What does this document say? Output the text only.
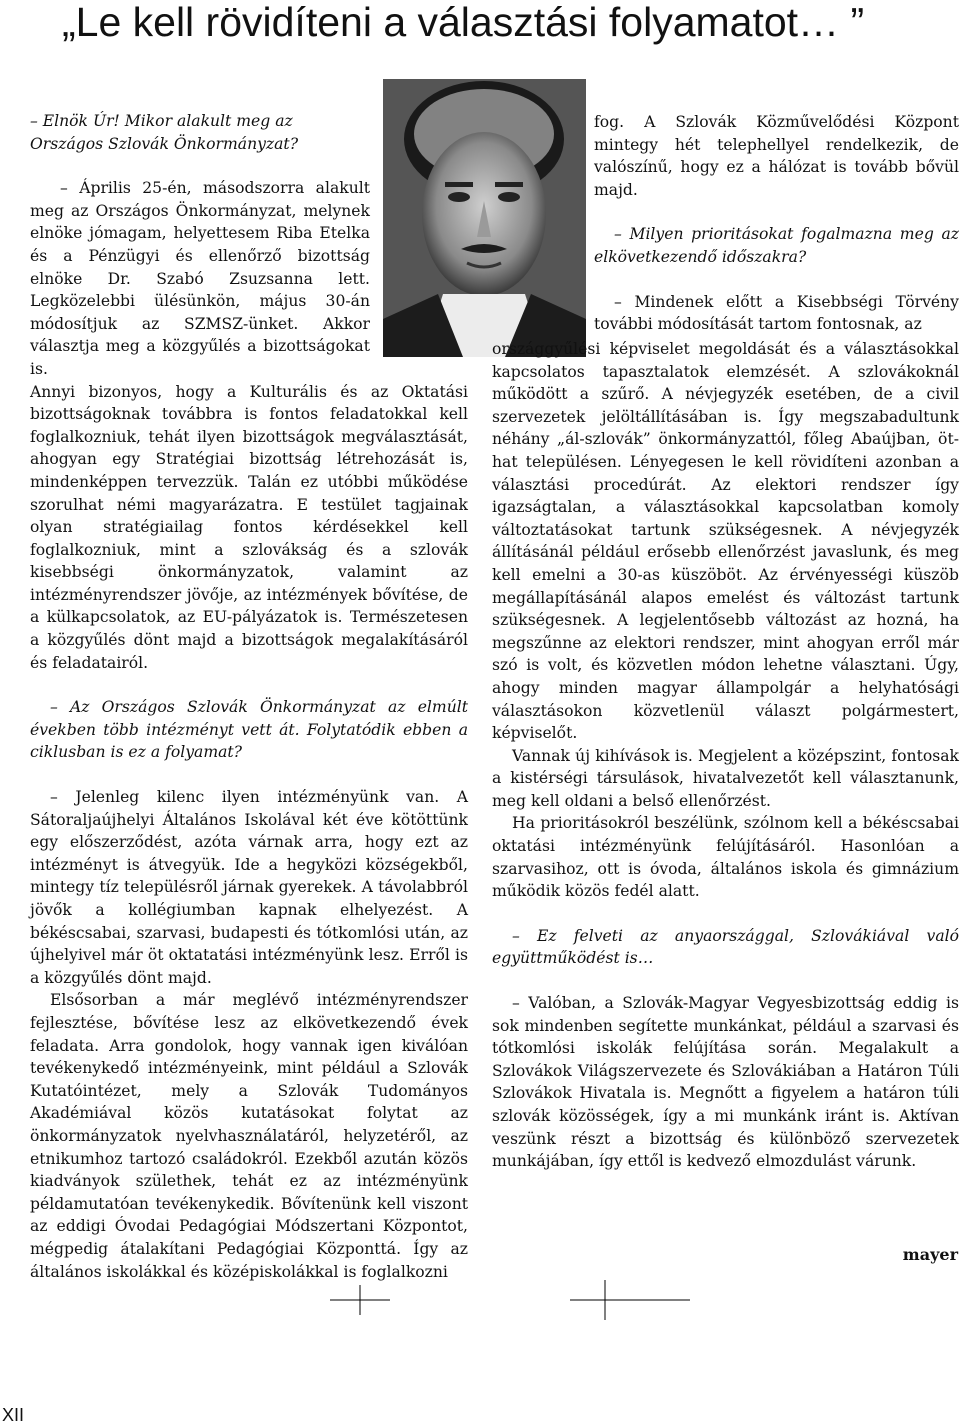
„Le kell rövidíteni a választási folyamatot… ”

– Elnök Úr! Mikor alakult meg az Országos Szlovák Önkormányzat?

– Április 25-én, másodszorra alakult meg az Országos Önkormányzat, melynek elnöke jómagam, helyettesem Riba Etelka és a Pénzügyi és ellenőrző bizottság elnöke Dr. Szabó Zsuzsanna lett. Legközelebbi ülésünkön, május 30-án módosítjuk az SZMSZ-ünket. Akkor választja meg a közgyűlés a bizottságokat is.

Annyi bizonyos, hogy a Kulturális és az Oktatási bizottságoknak továbbra is fontos feladatokkal kell foglalkozniuk, tehát ilyen bizottságok megválasztását, ahogyan egy Stratégiai bizottság létrehozását is, mindenképpen tervezzük. Talán ez utóbbi működése szorulhat némi magyarázatra. E testület tagjainak olyan stratégiailag fontos kérdésekkel kell foglalkozniuk, mint a szlovákság és a szlovák kisebbségi önkormányzatok, valamint az intézményrendszer jövője, az intézmények bővítése, de a külkapcsolatok, az EU-pályázatok is. Természetesen a közgyűlés dönt majd a bizottságok megalakításáról és feladatairól.

– Az Országos Szlovák Önkormányzat az elmúlt években több intézményt vett át. Folytatódik ebben a ciklusban is ez a folyamat?

– Jelenleg kilenc ilyen intézményünk van. A Sátoraljaújhelyi Általános Iskolával két éve kötöttünk egy előszerződést, azóta várnak arra, hogy ezt az intézményt is átvegyük. Ide a hegyközi községekből, mintegy tíz településről járnak gyerekek. A távolabbról jövők a kollégiumban kapnak elhelyezést. A békéscsabai, szarvasi, budapesti és tótkomlósi után, az újhelyivel már öt oktatatási intézményünk lesz. Erről is a közgyűlés dönt majd.

Elsősorban a már meglévő intézményrendszer fejlesztése, bővítése lesz az elkövetkezendő évek feladata. Arra gondolok, hogy vannak igen kiválóan tevékenykedő intézményeink, mint például a Szlovák Kutatóintézet, mely a Szlovák Tudományos Akadémiával közös kutatásokat folytat az önkormányzatok nyelvhasználatáról, helyzetéről, az etnikumhoz tartozó családokról. Ezekből azután közös kiadványok születhek, tehát ez az intézményünk példamutatóan tevékenykedik. Bővítenünk kell viszont az eddigi Óvodai Pedagógiai Módszertani Központot, mégpedig átalakítani Pedagógiai Központtá. Így az általános iskolákkal és középiskolákkal is foglalkozni

fog. A Szlovák Közművelődési Központ mintegy hét telephellyel rendelkezik, de valószínű, hogy ez a hálózat is tovább bővül majd.

– Milyen prioritásokat fogalmazna meg az elkövetkezendő időszakra?

– Mindenek előtt a Kisebbségi Törvény további módosítását tartom fontosnak, az

országgyűlési képviselet megoldását és a választásokkal kapcsolatos tapasztalatok elemzését. A szlovákoknál működött a szűrő. A névjegyzék esetében, de a civil szervezetek jelöltállításában is. Így megszabadultunk néhány „ál-szlovák” önkormányzattól, főleg Abaújban, öt-hat településen. Lényegesen le kell rövidíteni azonban a választási procedúrát. Az elektori rendszer így igazságtalan, a választásokkal kapcsolatban komoly változtatásokat tartunk szükségesnek. A névjegyzék állításánál például erősebb ellenőrzést javaslunk, és meg kell emelni a 30-as küszöböt. Az érvényességi küszöb megállapításánál alapos emelést és változást tartunk szükségesnek. A legjelentősebb változást az hozná, ha megszűnne az elektori rendszer, mint ahogyan erről már szó is volt, és közvetlen módon lehetne választani. Úgy, ahogy minden magyar állampolgár a helyhatósági választásokon közvetlenül választ polgármestert, képviselőt.

Vannak új kihívások is. Megjelent a középszint, fontosak a kistérségi társulások, hivatalvezetőt kell választanunk, meg kell oldani a belső ellenőrzést.

Ha prioritásokról beszélünk, szólnom kell a békéscsabai oktatási intézményünk felújításáról. Hasonlóan a szarvasihoz, ott is óvoda, általános iskola és gimnázium működik közös fedél alatt.

– Ez felveti az anyaországgal, Szlovákiával való együttműködést is…

– Valóban, a Szlovák-Magyar Vegyesbizottság eddig is sok mindenben segítette munkánkat, például a szarvasi és tótkomlósi iskolák felújítása során. Megalakult a Szlovákok Világszervezete és Szlovákiában a Határon Túli Szlovákok Hivatala is. Megnőtt a figyelem a határon túli szlovák közösségek, így a mi munkánk iránt is. Aktívan veszünk részt a bizottság és különböző szervezetek munkájában, így ettől is kedvező elmozdulást várunk.

mayer
XII
